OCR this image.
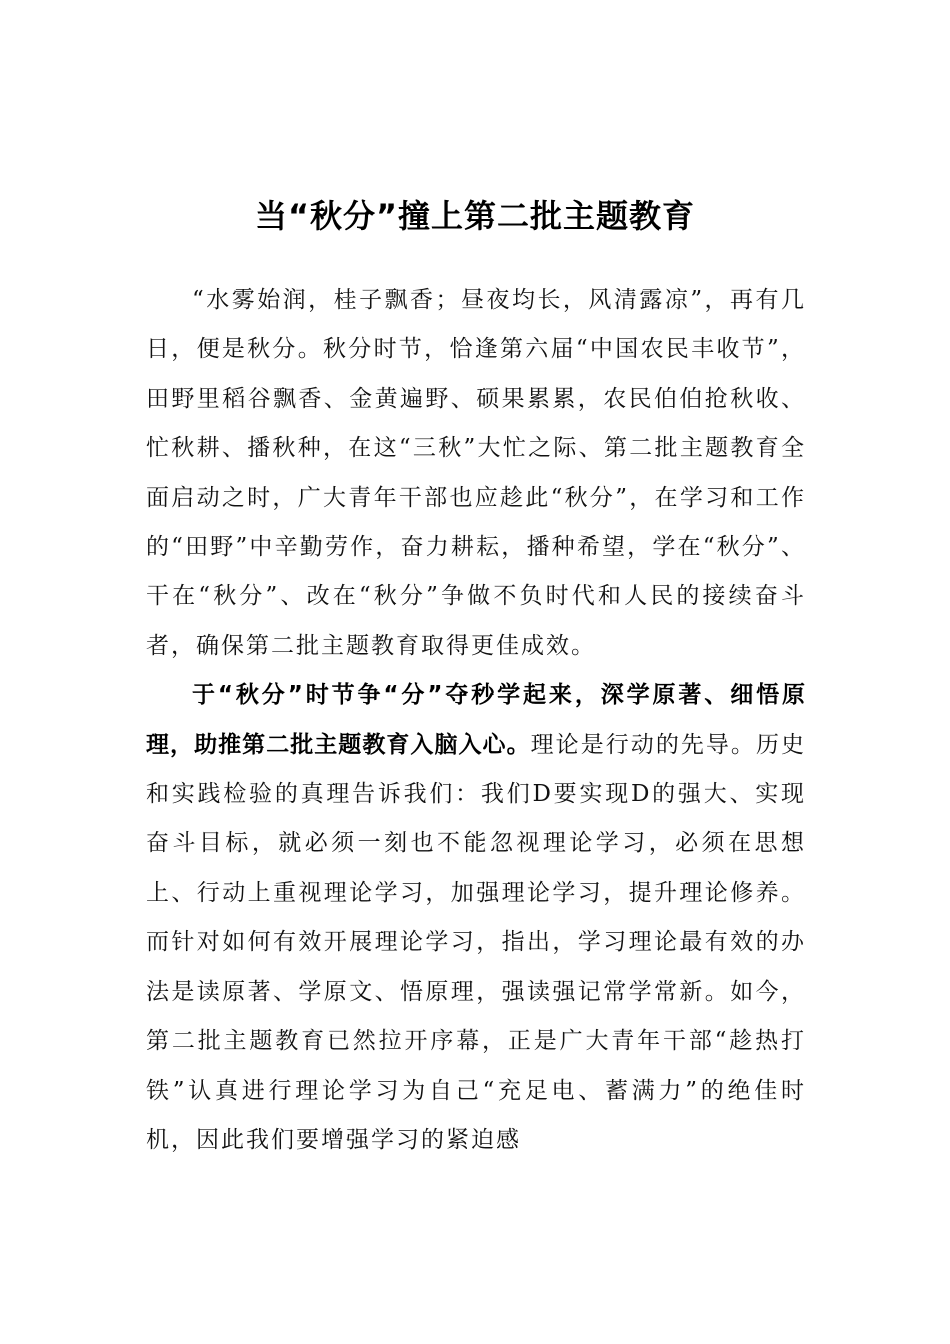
当“秋分”撞上第二批主题教育

“水雾始润，桂子飘香；昼夜均长，风清露凉”，再有几日，便是秋分。秋分时节，恰逢第六届“中国农民丰收节”，田野里稻谷飘香、金黄遍野、硕果累累，农民伯伯抢秋收、忙秋耕、播秋种，在这“三秋”大忙之际、第二批主题教育全面启动之时，广大青年干部也应趁此“秋分”，在学习和工作的“田野”中辛勤劳作，奋力耕耘，播种希望，学在“秋分”、干在“秋分”、改在“秋分”争做不负时代和人民的接续奋斗者，确保第二批主题教育取得更佳成效。

于“秋分”时节争“分”夺秒学起来，深学原著、细悟原理，助推第二批主题教育入脑入心。理论是行动的先导。历史和实践检验的真理告诉我们：我们D要实现D的强大、实现奋斗目标，就必须一刻也不能忽视理论学习，必须在思想上、行动上重视理论学习，加强理论学习，提升理论修养。而针对如何有效开展理论学习，指出，学习理论最有效的办法是读原著、学原文、悟原理，强读强记常学常新。如今，第二批主题教育已然拉开序幕，正是广大青年干部“趁热打铁”认真进行理论学习为自己“充足电、蓄满力”的绝佳时机，因此我们要增强学习的紧迫感
